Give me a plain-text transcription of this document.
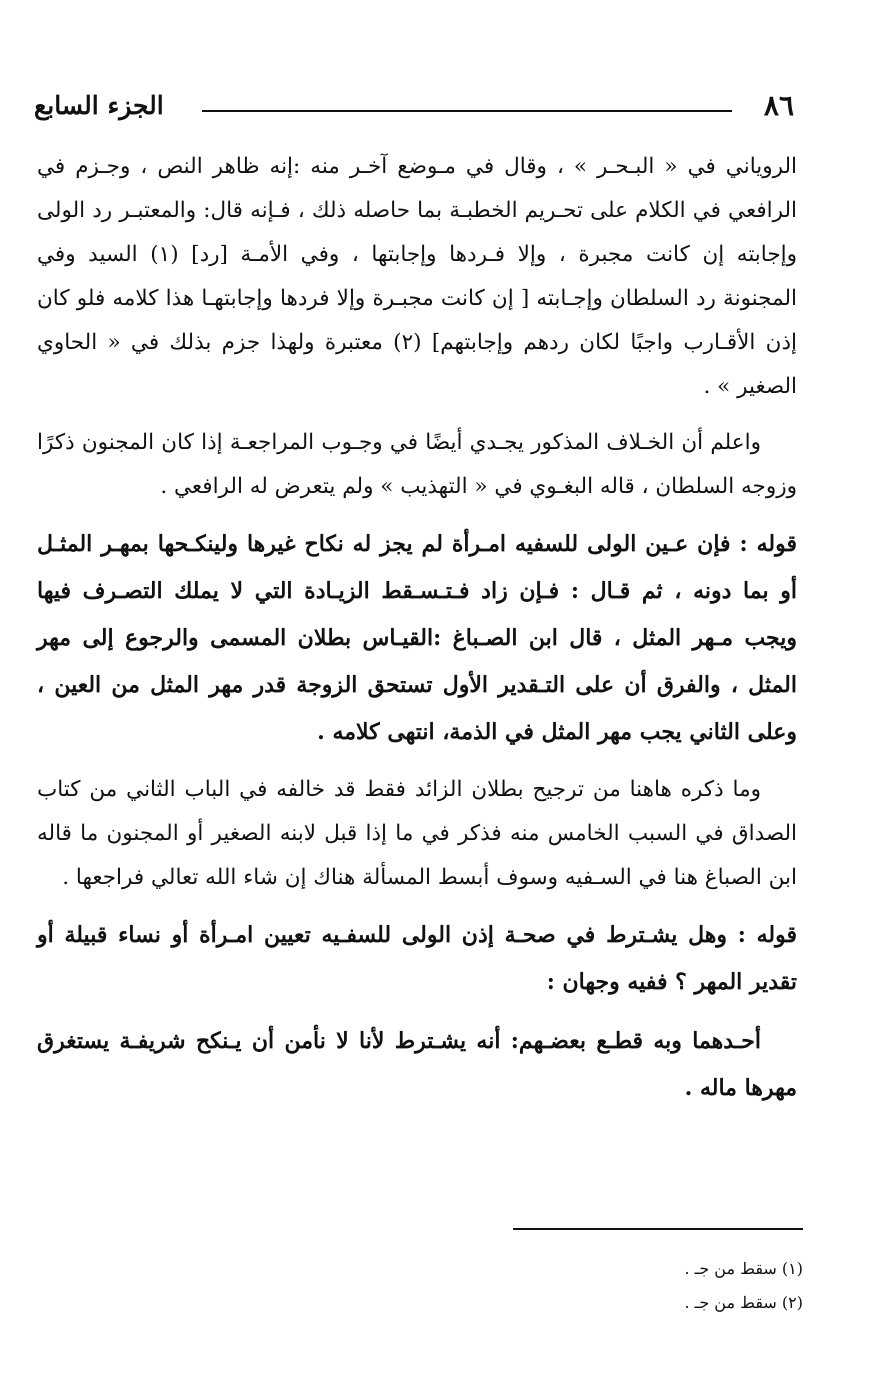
٨٦
الجزء السابع

الروياني في « البـحـر » ، وقال في مـوضع آخـر منه :إنه ظاهر النص ، وجـزم في الرافعي في الكلام على تحـريم الخطبـة بما حاصله ذلك ، فـإنه قال: والمعتبـر رد الولى وإجابته إن كانت مجبرة ، وإلا فـردها وإجابتها ، وفي الأمـة [رد] (١) السيد وفي المجنونة رد السلطان وإجـابته [ إن كانت مجبـرة وإلا فردها وإجابتهـا هذا كلامه فلو كان إذن الأقـارب واجبًا لكان ردهم وإجابتهم] (٢) معتبرة ولهذا جزم بذلك في « الحاوي الصغير » .

واعلم أن الخـلاف المذكور يجـدي أيضًا في وجـوب المراجعـة إذا كان المجنون ذكرًا وزوجه السلطان ، قاله البغـوي في « التهذيب » ولم يتعرض له الرافعي .

قوله : فإن عـين الولى للسفيه امـرأة لم يجز له نكاح غيرها ولينكـحها بمهـر المثـل أو بما دونه ، ثم قـال : فـإن زاد فـتـسـقط الزيـادة التي لا يملك التصـرف فيها ويجب مـهر المثل ، قال ابن الصـباغ :القيـاس بطلان المسمى والرجوع إلى مهر المثل ، والفرق أن على التـقدير الأول تستحق الزوجة قدر مهر المثل من العين ، وعلى الثاني يجب مهر المثل في الذمة، انتهى كلامه .

وما ذكره هاهنا من ترجيح بطلان الزائد فقط قد خالفه في الباب الثاني من كتاب الصداق في السبب الخامس منه فذكر في ما إذا قبل لابنه الصغير أو المجنون ما قاله ابن الصباغ هنا في السـفيه وسوف أبسط المسألة هناك إن شاء الله تعالي فراجعها .

قوله : وهل يشـترط في صحـة إذن الولى للسفـيه تعيين امـرأة أو نساء قبيلة أو تقدير المهر ؟ ففيه وجهان :

أحـدهما وبه قطـع بعضـهم: أنه يشـترط لأنا لا نأمن أن يـنكح شريفـة يستغرق مهرها ماله .

(١) سقط من جـ .

(٢) سقط من جـ .
